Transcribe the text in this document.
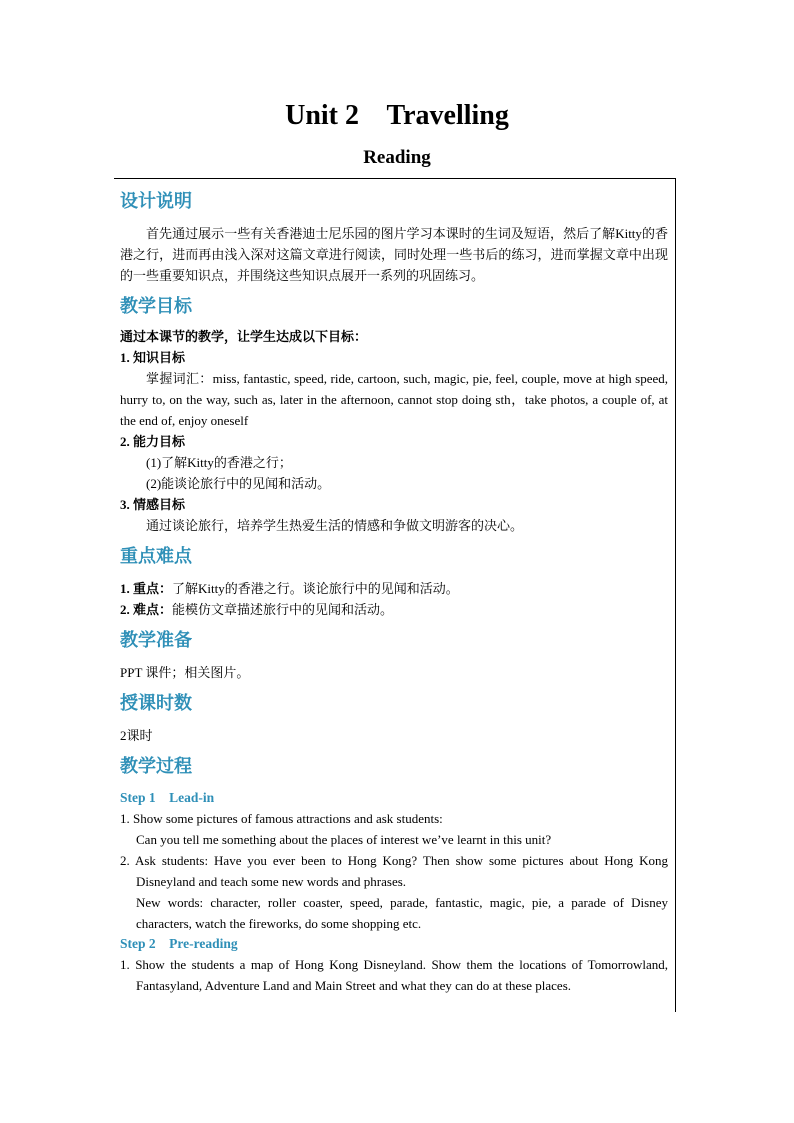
Unit 2    Travelling
Reading
设计说明

首先通过展示一些有关香港迪士尼乐园的图片学习本课时的生词及短语，然后了解Kitty的香港之行，进而再由浅入深对这篇文章进行阅读，同时处理一些书后的练习，进而掌握文章中出现的一些重要知识点，并围绕这些知识点展开一系列的巩固练习。

教学目标

通过本课节的教学，让学生达成以下目标：

1. 知识目标

掌握词汇：miss, fantastic, speed, ride, cartoon, such, magic, pie, feel, couple, move at high speed, hurry to, on the way, such as, later in the afternoon, cannot stop doing sth，take photos, a couple of, at the end of, enjoy oneself

2. 能力目标

(1)了解Kitty的香港之行；

(2)能谈论旅行中的见闻和活动。

3. 情感目标

通过谈论旅行，培养学生热爱生活的情感和争做文明游客的决心。

重点难点

1. 重点：了解Kitty的香港之行。谈论旅行中的见闻和活动。

2. 难点：能模仿文章描述旅行中的见闻和活动。

教学准备

PPT 课件；相关图片。

授课时数

2课时

教学过程

Step 1    Lead-in

1. Show some pictures of famous attractions and ask students:

Can you tell me something about the places of interest we’ve learnt in this unit?

2. Ask students: Have you ever been to Hong Kong? Then show some pictures about Hong Kong Disneyland and teach some new words and phrases.

New words: character, roller coaster, speed, parade, fantastic, magic, pie, a parade of Disney characters, watch the fireworks, do some shopping etc.

Step 2    Pre-reading

1. Show the students a map of Hong Kong Disneyland. Show them the locations of Tomorrowland, Fantasyland, Adventure Land and Main Street and what they can do at these places.
